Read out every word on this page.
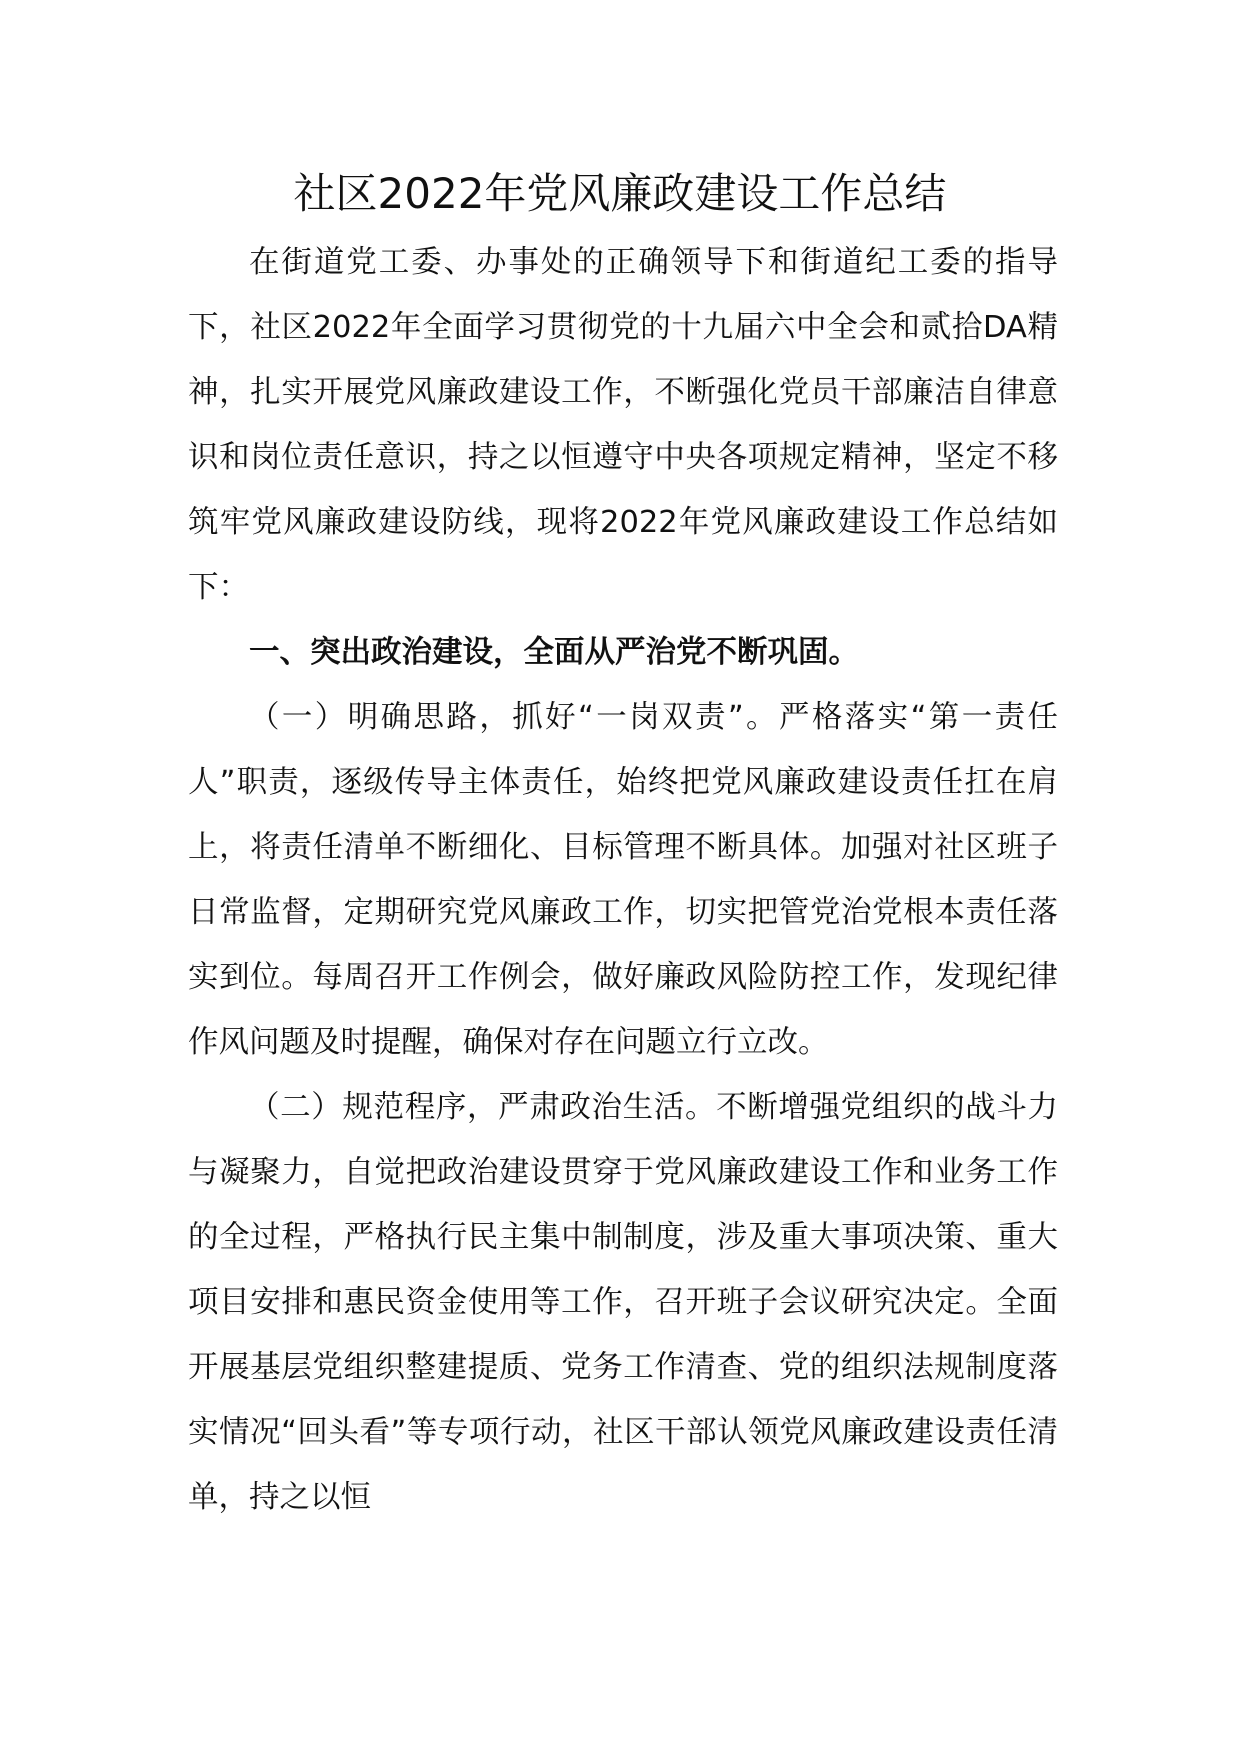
社区2022年党风廉政建设工作总结

在街道党工委、办事处的正确领导下和街道纪工委的指导下，社区2022年全面学习贯彻党的十九届六中全会和贰拾DA精神，扎实开展党风廉政建设工作，不断强化党员干部廉洁自律意识和岗位责任意识，持之以恒遵守中央各项规定精神，坚定不移筑牢党风廉政建设防线，现将2022年党风廉政建设工作总结如下：

一、突出政治建设，全面从严治党不断巩固。

（一）明确思路，抓好“一岗双责”。严格落实“第一责任人”职责，逐级传导主体责任，始终把党风廉政建设责任扛在肩上，将责任清单不断细化、目标管理不断具体。加强对社区班子日常监督，定期研究党风廉政工作，切实把管党治党根本责任落实到位。每周召开工作例会，做好廉政风险防控工作，发现纪律作风问题及时提醒，确保对存在问题立行立改。

（二）规范程序，严肃政治生活。不断增强党组织的战斗力与凝聚力，自觉把政治建设贯穿于党风廉政建设工作和业务工作的全过程，严格执行民主集中制制度，涉及重大事项决策、重大项目安排和惠民资金使用等工作，召开班子会议研究决定。全面开展基层党组织整建提质、党务工作清查、党的组织法规制度落实情况“回头看”等专项行动，社区干部认领党风廉政建设责任清单，持之以恒
